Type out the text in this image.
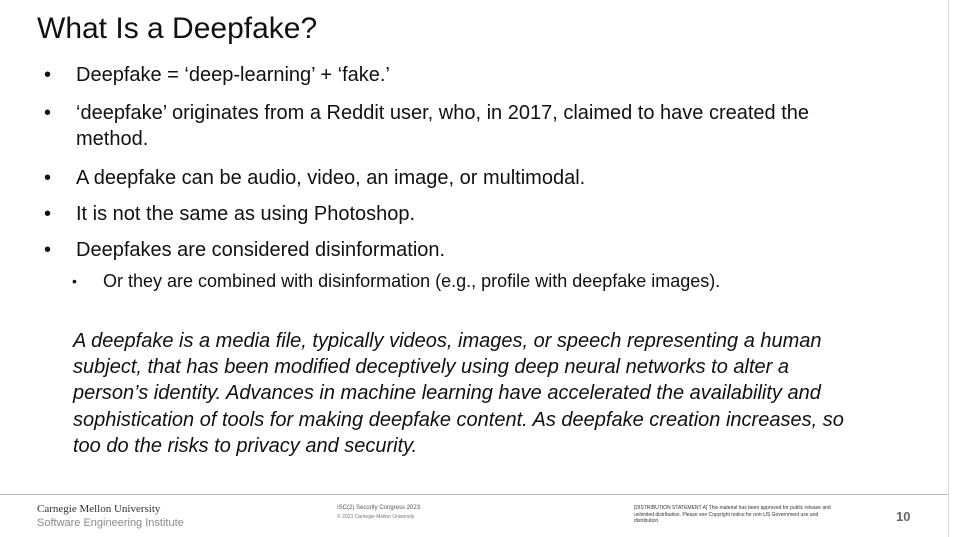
What Is a Deepfake?
• Deepfake = ‘deep-learning’ + ‘fake.’
• ‘deepfake’ originates from a Reddit user, who, in 2017, claimed to have created the method.
• A deepfake can be audio, video, an image, or multimodal.
• It is not the same as using Photoshop.
• Deepfakes are considered disinformation.
• Or they are combined with disinformation (e.g., profile with deepfake images).

A deepfake is a media file, typically videos, images, or speech representing a human subject, that has been modified deceptively using deep neural networks to alter a person’s identity. Advances in machine learning have accelerated the availability and sophistication of tools for making deepfake content. As deepfake creation increases, so too do the risks to privacy and security.

Carnegie Mellon University
Software Engineering Institute
ISC(2) Security Congress 2023
© 2023 Carnegie Mellon University
[DISTRIBUTION STATEMENT A] This material has been approved for public release and unlimited distribution. Please see Copyright notice for non-US Government use and distribution.	10
